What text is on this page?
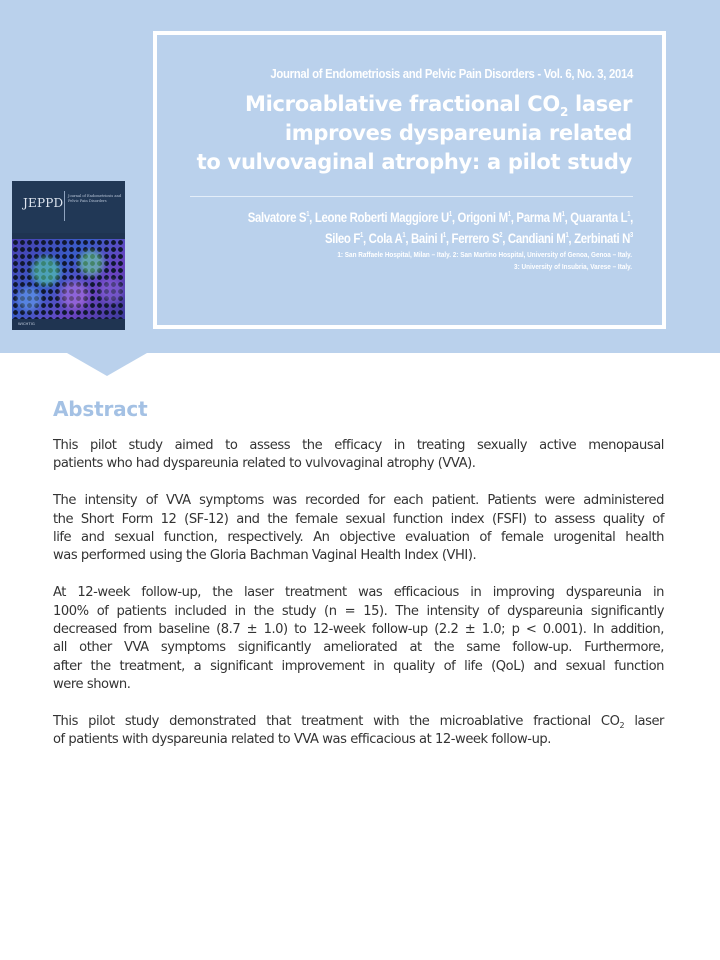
JEPPD Journal of Endometriosis and Pelvic Pain Disorders
WICHTIG
Journal of Endometriosis and Pelvic Pain Disorders - Vol. 6, No. 3, 2014
Microablative fractional $CO_2$ laser
improves dyspareunia related
to vulvovaginal atrophy: a pilot study
Salvatore $S^1$, Leone Roberti Maggiore $U^1$, Origoni $M^1$, Parma $M^1$, Quaranta $L^1$,
Sileo $F^1$, Cola $A^1$, Baini $I^1$, Ferrero $S^2$, Candiani $M^1$, Zerbinati $N^3$
1: San Raffaele Hospital, Milan – Italy. 2: San Martino Hospital, University of Genoa, Genoa – Italy.
3: University of Insubria, Varese – Italy.
Abstract

This pilot study aimed to assess the efficacy in treating sexually active menopausal
patients who had dyspareunia related to vulvovaginal atrophy (VVA).

The intensity of VVA symptoms was recorded for each patient. Patients were administered
the Short Form 12 (SF-12) and the female sexual function index (FSFI) to assess quality of
life and sexual function, respectively. An objective evaluation of female urogenital health
was performed using the Gloria Bachman Vaginal Health Index (VHI).

At 12-week follow-up, the laser treatment was efficacious in improving dyspareunia in
100% of patients included in the study (n = 15). The intensity of dyspareunia significantly
decreased from baseline (8.7 ± 1.0) to 12-week follow-up (2.2 ± 1.0; p < 0.001). In addition,
all other VVA symptoms significantly ameliorated at the same follow-up. Furthermore,
after the treatment, a significant improvement in quality of life (QoL) and sexual function
were shown.

This pilot study demonstrated that treatment with the microablative fractional $CO_2$ laser
of patients with dyspareunia related to VVA was efficacious at 12-week follow-up.
